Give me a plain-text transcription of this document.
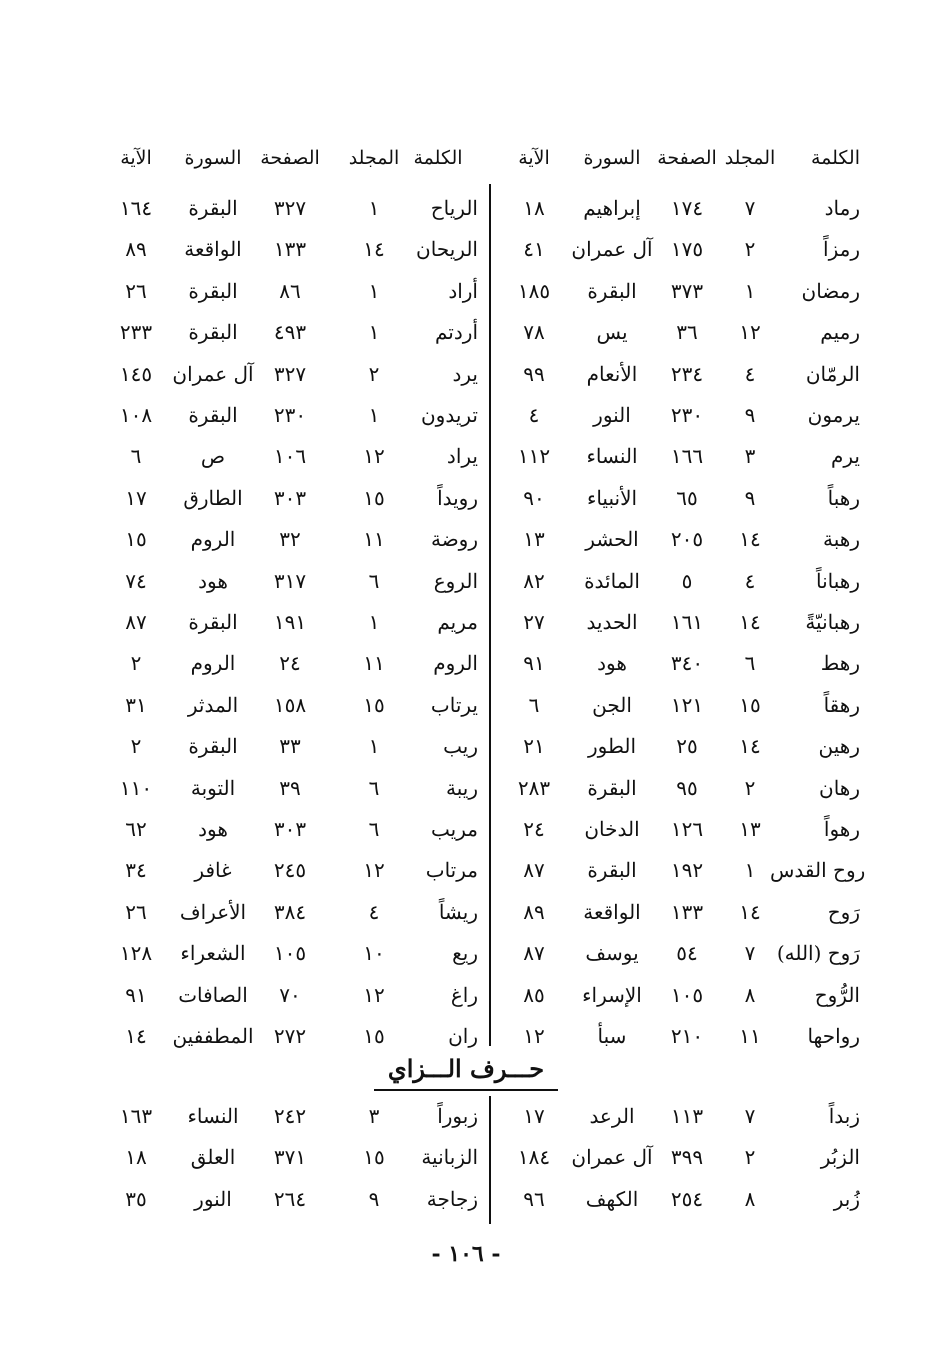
الكلمة
المجلد
الصفحة
السورة
الآية
الكلمة
المجلد
الصفحة
السورة
الآية
رماد
٧
١٧٤
إبراهيم
١٨
الرياح
١
٣٢٧
البقرة
١٦٤
رمزاً
٢
١٧٥
آل عمران
٤١
الريحان
١٤
١٣٣
الواقعة
٨٩
رمضان
١
٣٧٣
البقرة
١٨٥
أراد
١
٨٦
البقرة
٢٦
رميم
١٢
٣٦
يس
٧٨
أردتم
١
٤٩٣
البقرة
٢٣٣
الرمّان
٤
٢٣٤
الأنعام
٩٩
يرد
٢
٣٢٧
آل عمران
١٤٥
يرمون
٩
٢٣٠
النور
٤
تريدون
١
٢٣٠
البقرة
١٠٨
يرم
٣
١٦٦
النساء
١١٢
يراد
١٢
١٠٦
ص
٦
رهباً
٩
٦٥
الأنبياء
٩٠
رويداً
١٥
٣٠٣
الطارق
١٧
رهبة
١٤
٢٠٥
الحشر
١٣
روضة
١١
٣٢
الروم
١٥
رهباناً
٤
٥
المائدة
٨٢
الروع
٦
٣١٧
هود
٧٤
رهبانيّةً
١٤
١٦١
الحديد
٢٧
مريم
١
١٩١
البقرة
٨٧
رهط
٦
٣٤٠
هود
٩١
الروم
١١
٢٤
الروم
٢
رهقاً
١٥
١٢١
الجن
٦
يرتاب
١٥
١٥٨
المدثر
٣١
رهين
١٤
٢٥
الطور
٢١
ريب
١
٣٣
البقرة
٢
رهان
٢
٩٥
البقرة
٢٨٣
ريبة
٦
٣٩
التوبة
١١٠
رهواً
١٣
١٢٦
الدخان
٢٤
مريب
٦
٣٠٣
هود
٦٢
روح القدس
١
١٩٢
البقرة
٨٧
مرتاب
١٢
٢٤٥
غافر
٣٤
رَوح
١٤
١٣٣
الواقعة
٨٩
ريشاً
٤
٣٨٤
الأعراف
٢٦
رَوح (الله)
٧
٥٤
يوسف
٨٧
ريع
١٠
١٠٥
الشعراء
١٢٨
الرُّوح
٨
١٠٥
الإسراء
٨٥
راغ
١٢
٧٠
الصافات
٩١
رواحها
١١
٢١٠
سبأ
١٢
ران
١٥
٢٧٢
المطففين
١٤
حـــرف الـــزاي
زبداً
٧
١١٣
الرعد
١٧
زبوراً
٣
٢٤٢
النساء
١٦٣
الزبُر
٢
٣٩٩
آل عمران
١٨٤
الزبانية
١٥
٣٧١
العلق
١٨
زُبر
٨
٢٥٤
الكهف
٩٦
زجاجة
٩
٢٦٤
النور
٣٥
- ١٠٦ -
